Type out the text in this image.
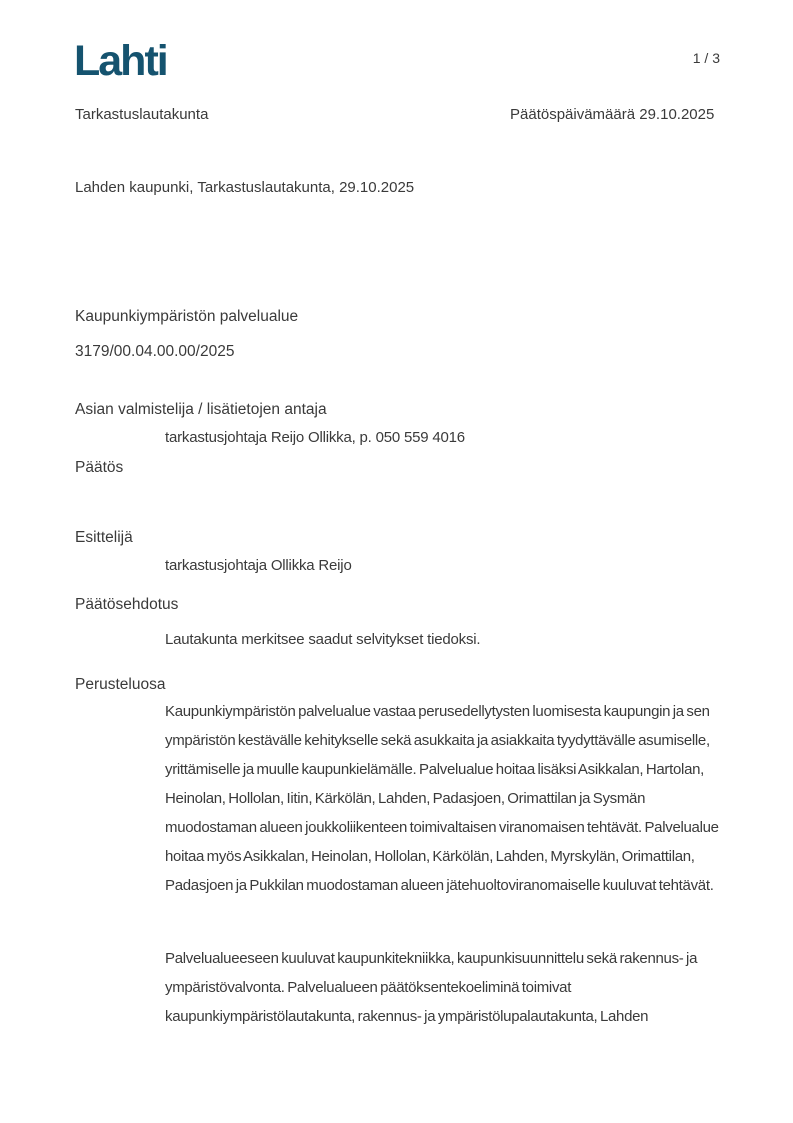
Lahti	1 / 3
Tarkastuslautakunta	Päätöspäivämäärä 29.10.2025
Lahden kaupunki, Tarkastuslautakunta, 29.10.2025
Kaupunkiympäristön palvelualue
3179/00.04.00.00/2025
Asian valmistelija / lisätietojen antaja
tarkastusjohtaja Reijo Ollikka, p. 050 559 4016
Päätös
Esittelijä
tarkastusjohtaja Ollikka Reijo
Päätösehdotus
Lautakunta merkitsee saadut selvitykset tiedoksi.
Perusteluosa
Kaupunkiympäristön palvelualue vastaa perusedellytysten luomisesta kaupungin ja sen ympäristön kestävälle kehitykselle sekä asukkaita ja asiakkaita tyydyttävälle asumiselle, yrittämiselle ja muulle kaupunkielämälle. Palvelualue hoitaa lisäksi Asikkalan, Hartolan, Heinolan, Hollolan, Iitin, Kärkölän, Lahden, Padasjoen, Orimattilan ja Sysmän muodostaman alueen joukkoliikenteen toimivaltaisen viranomaisen tehtävät. Palvelualue hoitaa myös Asikkalan, Heinolan, Hollolan, Kärkölän, Lahden, Myrskylän, Orimattilan, Padasjoen ja Pukkilan muodostaman alueen jätehuoltoviranomaiselle kuuluvat tehtävät.
Palvelualueeseen kuuluvat kaupunkitekniikka, kaupunkisuunnittelu sekä rakennus- ja ympäristövalvonta. Palvelualueen päätöksentekoeliminä toimivat kaupunkiympäristölautakunta, rakennus- ja ympäristölupalautakunta, Lahden
